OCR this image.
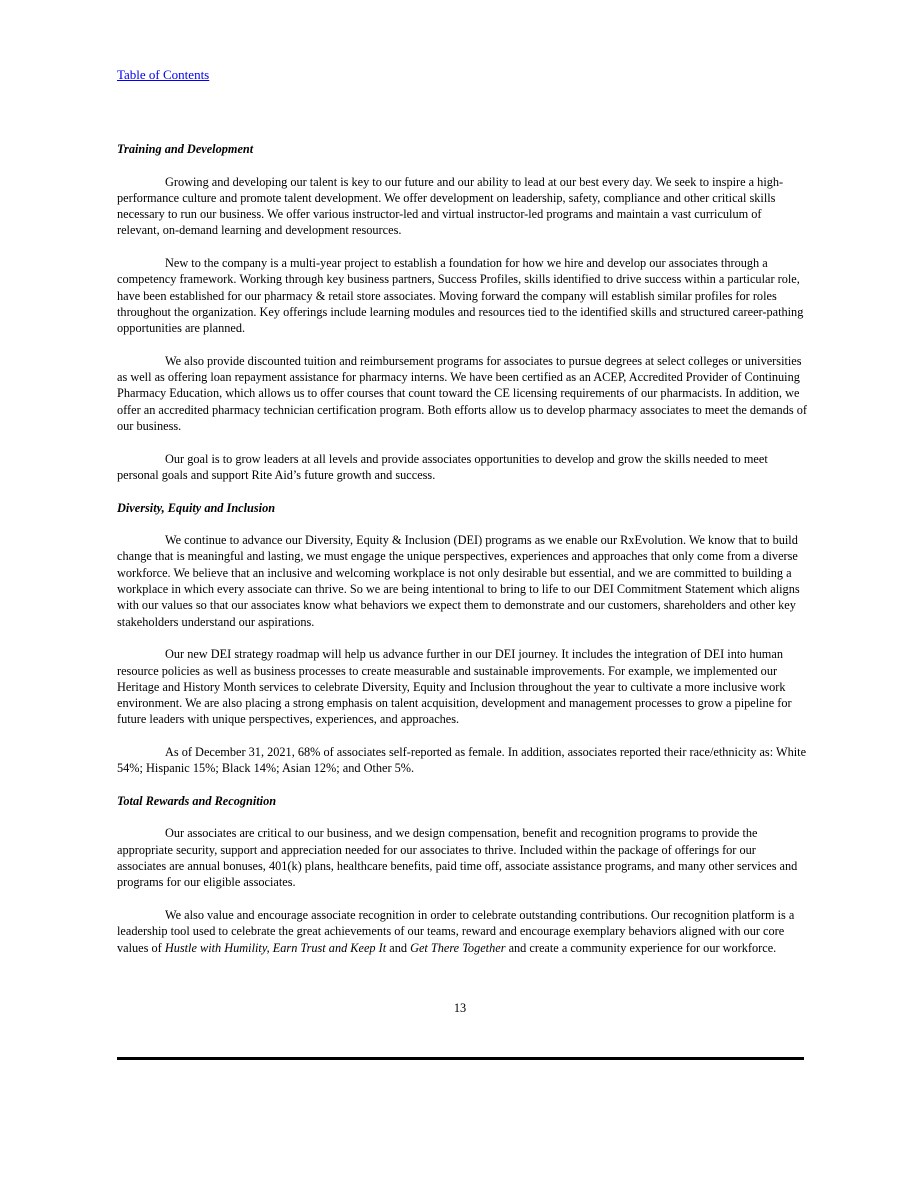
Table of Contents

Training and Development

Growing and developing our talent is key to our future and our ability to lead at our best every day. We seek to inspire a high-performance culture and promote talent development. We offer development on leadership, safety, compliance and other critical skills necessary to run our business. We offer various instructor-led and virtual instructor-led programs and maintain a vast curriculum of relevant, on-demand learning and development resources.

New to the company is a multi-year project to establish a foundation for how we hire and develop our associates through a competency framework. Working through key business partners, Success Profiles, skills identified to drive success within a particular role, have been established for our pharmacy & retail store associates. Moving forward the company will establish similar profiles for roles throughout the organization. Key offerings include learning modules and resources tied to the identified skills and structured career-pathing opportunities are planned.

We also provide discounted tuition and reimbursement programs for associates to pursue degrees at select colleges or universities as well as offering loan repayment assistance for pharmacy interns. We have been certified as an ACEP, Accredited Provider of Continuing Pharmacy Education, which allows us to offer courses that count toward the CE licensing requirements of our pharmacists. In addition, we offer an accredited pharmacy technician certification program. Both efforts allow us to develop pharmacy associates to meet the demands of our business.

Our goal is to grow leaders at all levels and provide associates opportunities to develop and grow the skills needed to meet personal goals and support Rite Aid’s future growth and success.

Diversity, Equity and Inclusion

We continue to advance our Diversity, Equity & Inclusion (DEI) programs as we enable our RxEvolution. We know that to build change that is meaningful and lasting, we must engage the unique perspectives, experiences and approaches that only come from a diverse workforce. We believe that an inclusive and welcoming workplace is not only desirable but essential, and we are committed to building a workplace in which every associate can thrive. So we are being intentional to bring to life to our DEI Commitment Statement which aligns with our values so that our associates know what behaviors we expect them to demonstrate and our customers, shareholders and other key stakeholders understand our aspirations.

Our new DEI strategy roadmap will help us advance further in our DEI journey. It includes the integration of DEI into human resource policies as well as business processes to create measurable and sustainable improvements. For example, we implemented our Heritage and History Month services to celebrate Diversity, Equity and Inclusion throughout the year to cultivate a more inclusive work environment. We are also placing a strong emphasis on talent acquisition, development and management processes to grow a pipeline for future leaders with unique perspectives, experiences, and approaches.

As of December 31, 2021, 68% of associates self-reported as female. In addition, associates reported their race/ethnicity as: White 54%; Hispanic 15%; Black 14%; Asian 12%; and Other 5%.

Total Rewards and Recognition

Our associates are critical to our business, and we design compensation, benefit and recognition programs to provide the appropriate security, support and appreciation needed for our associates to thrive. Included within the package of offerings for our associates are annual bonuses, 401(k) plans, healthcare benefits, paid time off, associate assistance programs, and many other services and programs for our eligible associates.

We also value and encourage associate recognition in order to celebrate outstanding contributions. Our recognition platform is a leadership tool used to celebrate the great achievements of our teams, reward and encourage exemplary behaviors aligned with our core values of Hustle with Humility, Earn Trust and Keep It and Get There Together and create a community experience for our workforce.

13
